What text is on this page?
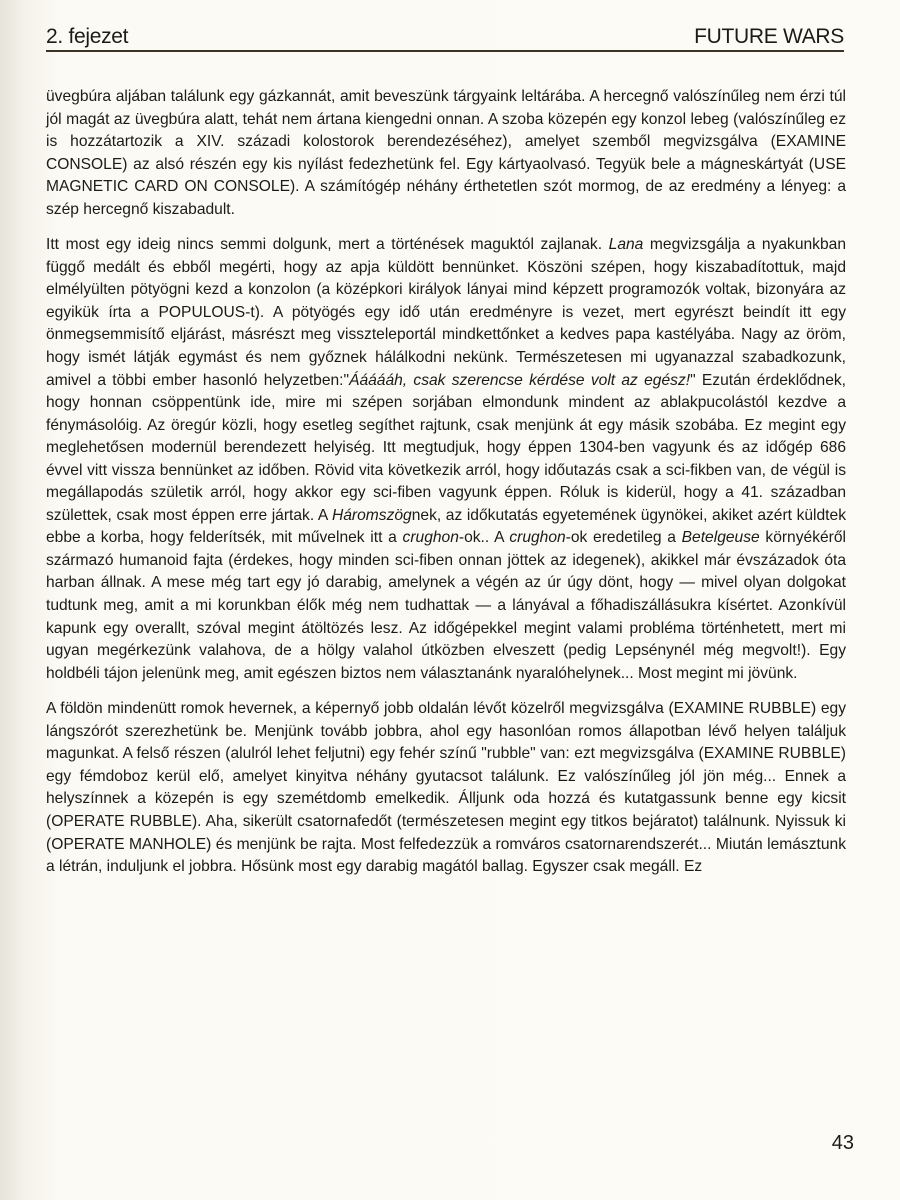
2. fejezet	FUTURE WARS

üvegbúra aljában találunk egy gázkannát, amit beveszünk tárgyaink leltárába. A hercegnő valószínűleg nem érzi túl jól magát az üvegbúra alatt, tehát nem ártana kiengedni onnan. A szoba közepén egy konzol lebeg (valószínűleg ez is hozzátartozik a XIV. századi kolostorok berendezéséhez), amelyet szemből megvizsgálva (EXAMINE CONSOLE) az alsó részén egy kis nyílást fedezhetünk fel. Egy kártyaolvasó. Tegyük bele a mágneskártyát (USE MAGNETIC CARD ON CONSOLE). A számítógép néhány érthetetlen szót mormog, de az eredmény a lényeg: a szép hercegnő kiszabadult.

Itt most egy ideig nincs semmi dolgunk, mert a történések maguktól zajlanak. Lana megvizsgálja a nyakunkban függő medált és ebből megérti, hogy az apja küldött bennünket. Köszöni szépen, hogy kiszabadítottuk, majd elmélyülten pötyögni kezd a konzolon (a középkori királyok lányai mind képzett programozók voltak, bizonyára az egyikük írta a POPULOUS-t). A pötyögés egy idő után eredményre is vezet, mert egyrészt beindít itt egy önmegsemmisítő eljárást, másrészt meg visszteleportál mindkettőnket a kedves papa kastélyába. Nagy az öröm, hogy ismét látják egymást és nem győznek hálálkodni nekünk. Természetesen mi ugyanazzal szabadkozunk, amivel a többi ember hasonló helyzetben:"Áááááh, csak szerencse kérdése volt az egész!" Ezután érdeklődnek, hogy honnan csöppentünk ide, mire mi szépen sorjában elmondunk mindent az ablakpucolástól kezdve a fénymásolóig. Az öregúr közli, hogy esetleg segíthet rajtunk, csak menjünk át egy másik szobába. Ez megint egy meglehetősen modernül berendezett helyiség. Itt megtudjuk, hogy éppen 1304-ben vagyunk és az időgép 686 évvel vitt vissza bennünket az időben. Rövid vita következik arról, hogy időutazás csak a sci-fikben van, de végül is megállapodás születik arról, hogy akkor egy sci-fiben vagyunk éppen. Róluk is kiderül, hogy a 41. században születtek, csak most éppen erre jártak. A Háromszögnek, az időkutatás egyetemének ügynökei, akiket azért küldtek ebbe a korba, hogy felderítsék, mit művelnek itt a crughon-ok.. A crughon-ok eredetileg a Betelgeuse környékéről származó humanoid fajta (érdekes, hogy minden sci-fiben onnan jöttek az idegenek), akikkel már évszázadok óta harban állnak. A mese még tart egy jó darabig, amelynek a végén az úr úgy dönt, hogy — mivel olyan dolgokat tudtunk meg, amit a mi korunkban élők még nem tudhattak — a lányával a főhadiszállásukra kísértet. Azonkívül kapunk egy overallt, szóval megint átöltözés lesz. Az időgépekkel megint valami probléma történhetett, mert mi ugyan megérkezünk valahova, de a hölgy valahol útközben elveszett (pedig Lepsénynél még megvolt!). Egy holdbéli tájon jelenünk meg, amit egészen biztos nem választanánk nyaralóhelynek... Most megint mi jövünk.

A földön mindenütt romok hevernek, a képernyő jobb oldalán lévőt közelről megvizsgálva (EXAMINE RUBBLE) egy lángszórót szerezhetünk be. Menjünk tovább jobbra, ahol egy hasonlóan romos állapotban lévő helyen találjuk magunkat. A felső részen (alulról lehet feljutni) egy fehér színű "rubble" van: ezt megvizsgálva (EXAMINE RUBBLE) egy fémdoboz kerül elő, amelyet kinyitva néhány gyutacsot találunk. Ez valószínűleg jól jön még... Ennek a helyszínnek a közepén is egy szemétdomb emelkedik. Álljunk oda hozzá és kutatgassunk benne egy kicsit (OPERATE RUBBLE). Aha, sikerült csatornafedőt (természetesen megint egy titkos bejáratot) találnunk. Nyissuk ki (OPERATE MANHOLE) és menjünk be rajta. Most felfedezzük a romváros csatornarendszerét... Miután lemásztunk a létrán, induljunk el jobbra. Hősünk most egy darabig magától ballag. Egyszer csak megáll. Ez

43
